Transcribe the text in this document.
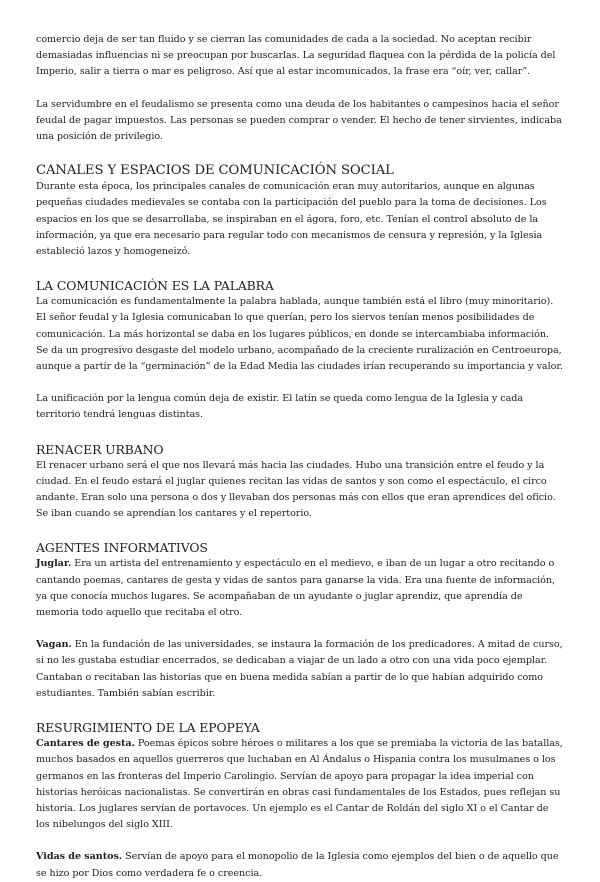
comercio deja de ser tan fluido y se cierran las comunidades de cada a la sociedad. No aceptan recibir demasiadas influencias ni se preocupan por buscarlas. La seguridad flaquea con la pérdida de la policía del Imperio, salir a tierra o mar es peligroso. Así que al estar incomunicados, la frase era “oír, ver, callar”.

La servidumbre en el feudalismo se presenta como una deuda de los habitantes o campesinos hacia el señor feudal de pagar impuestos. Las personas se pueden comprar o vender. El hecho de tener sirvientes, indicaba una posición de privilegio.

CANALES Y ESPACIOS DE COMUNICACIÓN SOCIAL

Durante esta época, los principales canales de comunicación eran muy autoritarios, aunque en algunas pequeñas ciudades medievales se contaba con la participación del pueblo para la toma de decisiones. Los espacios en los que se desarrollaba, se inspiraban en el ágora, foro, etc. Tenían el control absoluto de la información, ya que era necesario para regular todo con mecanismos de censura y represión, y la Iglesia estableció lazos y homogeneizó.

LA COMUNICACIÓN ES LA PALABRA

La comunicación es fundamentalmente la palabra hablada, aunque también está el libro (muy minoritario). El señor feudal y la Iglesia comunicaban lo que querían, pero los siervos tenían menos posibilidades de comunicación. La más horizontal se daba en los lugares públicos, en donde se intercambiaba información. Se da un progresivo desgaste del modelo urbano, acompañado de la creciente ruralización en Centroeuropa, aunque a partir de la “germinación” de la Edad Media las ciudades irían recuperando su importancia y valor.

La unificación por la lengua común deja de existir. El latín se queda como lengua de la Iglesia y cada territorio tendrá lenguas distintas.

RENACER URBANO

El renacer urbano será el que nos llevará más hacia las ciudades. Hubo una transición entre el feudo y la ciudad. En el feudo estará el juglar quienes recitan las vidas de santos y son como el espectáculo, el circo andante. Eran solo una persona o dos y llevaban dos personas más con ellos que eran aprendices del oficio. Se iban cuando se aprendían los cantares y el repertorio.

AGENTES INFORMATIVOS

Juglar. Era un artista del entrenamiento y espectáculo en el medievo, e iban de un lugar a otro recitando o cantando poemas, cantares de gesta y vidas de santos para ganarse la vida. Era una fuente de información, ya que conocía muchos lugares. Se acompañaban de un ayudante o juglar aprendiz, que aprendía de memoria todo aquello que recitaba el otro.

Vagan. En la fundación de las universidades, se instaura la formación de los predicadores. A mitad de curso, si no les gustaba estudiar encerrados, se dedicaban a viajar de un lado a otro con una vida poco ejemplar. Cantaban o recitaban las historias que en buena medida sabían a partir de lo que habían adquirido como estudiantes. También sabían escribir.

RESURGIMIENTO DE LA EPOPEYA

Cantares de gesta. Poemas épicos sobre héroes o militares a los que se premiaba la victoria de las batallas, muchos basados en aquellos guerreros que luchaban en Al Ándalus o Hispania contra los musulmanes o los germanos en las fronteras del Imperio Carolingio. Servían de apoyo para propagar la idea imperial con historias heróicas nacionalistas. Se convertirán en obras casi fundamentales de los Estados, pues reflejan su historia. Los juglares servían de portavoces. Un ejemplo es el Cantar de Roldán del siglo XI o el Cantar de los nibelungos del siglo XIII.

Vidas de santos. Servían de apoyo para el monopolio de la Iglesia como ejemplos del bien o de aquello que se hizo por Dios como verdadera fe o creencia.
